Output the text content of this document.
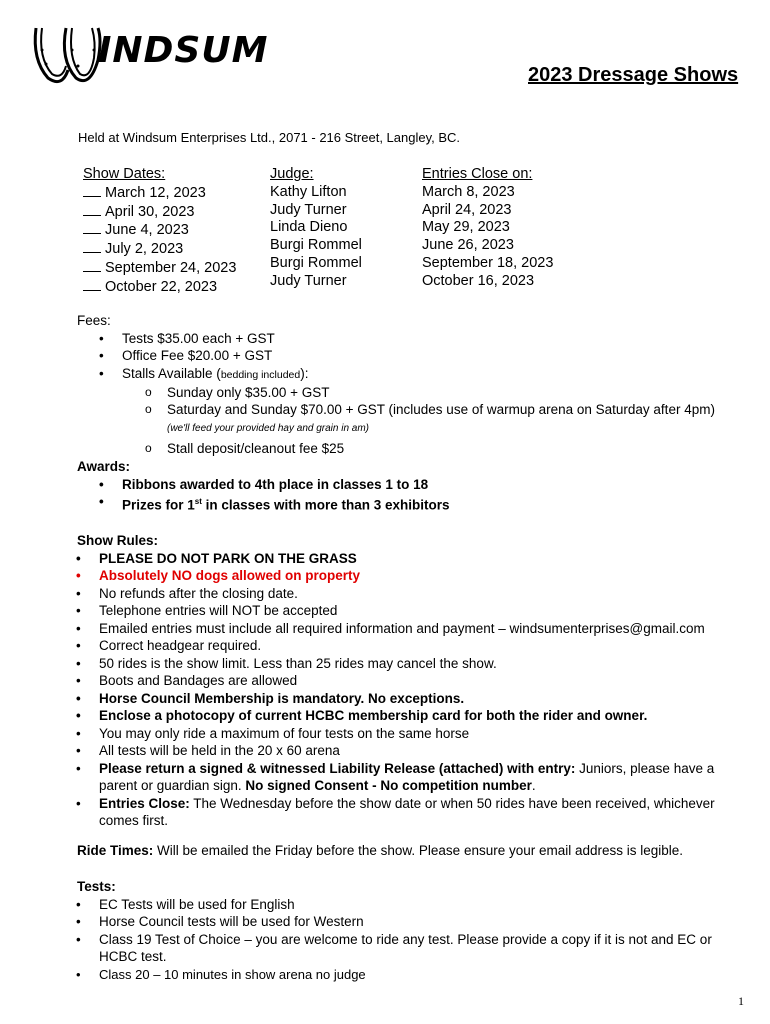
INDSUM
2023 Dressage Shows
Held at Windsum Enterprises Ltd., 2071 - 216 Street, Langley, BC.
Show Dates:
March 12, 2023
April 30, 2023
June 4, 2023
July 2, 2023
September 24, 2023
October 22, 2023
Judge:
Kathy Lifton
Judy Turner
Linda Dieno
Burgi Rommel
Burgi Rommel
Judy Turner
Entries Close on:
March 8, 2023
April 24, 2023
May 29, 2023
June 26, 2023
September 18, 2023
October 16, 2023
Fees:
• Tests $35.00 each + GST
• Office Fee $20.00 + GST
• Stalls Available (bedding included):
o Sunday only $35.00 + GST
o Saturday and Sunday $70.00 + GST (includes use of warmup arena on Saturday after 4pm)
(we'll feed your provided hay and grain in am)
o Stall deposit/cleanout fee $25
Awards:
• Ribbons awarded to 4th place in classes 1 to 18
• Prizes for 1st in classes with more than 3 exhibitors
Show Rules:
• PLEASE DO NOT PARK ON THE GRASS
• Absolutely NO dogs allowed on property
• No refunds after the closing date.
• Telephone entries will NOT be accepted
• Emailed entries must include all required information and payment – windsumenterprises@gmail.com
• Correct headgear required.
• 50 rides is the show limit. Less than 25 rides may cancel the show.
• Boots and Bandages are allowed
• Horse Council Membership is mandatory. No exceptions.
• Enclose a photocopy of current HCBC membership card for both the rider and owner.
• You may only ride a maximum of four tests on the same horse
• All tests will be held in the 20 x 60 arena
• Please return a signed & witnessed Liability Release (attached) with entry: Juniors, please have a parent or guardian sign. No signed Consent - No competition number.
• Entries Close: The Wednesday before the show date or when 50 rides have been received, whichever comes first.
Ride Times: Will be emailed the Friday before the show. Please ensure your email address is legible.
Tests:
• EC Tests will be used for English
• Horse Council tests will be used for Western
• Class 19 Test of Choice – you are welcome to ride any test. Please provide a copy if it is not and EC or HCBC test.
• Class 20 – 10 minutes in show arena no judge
1
